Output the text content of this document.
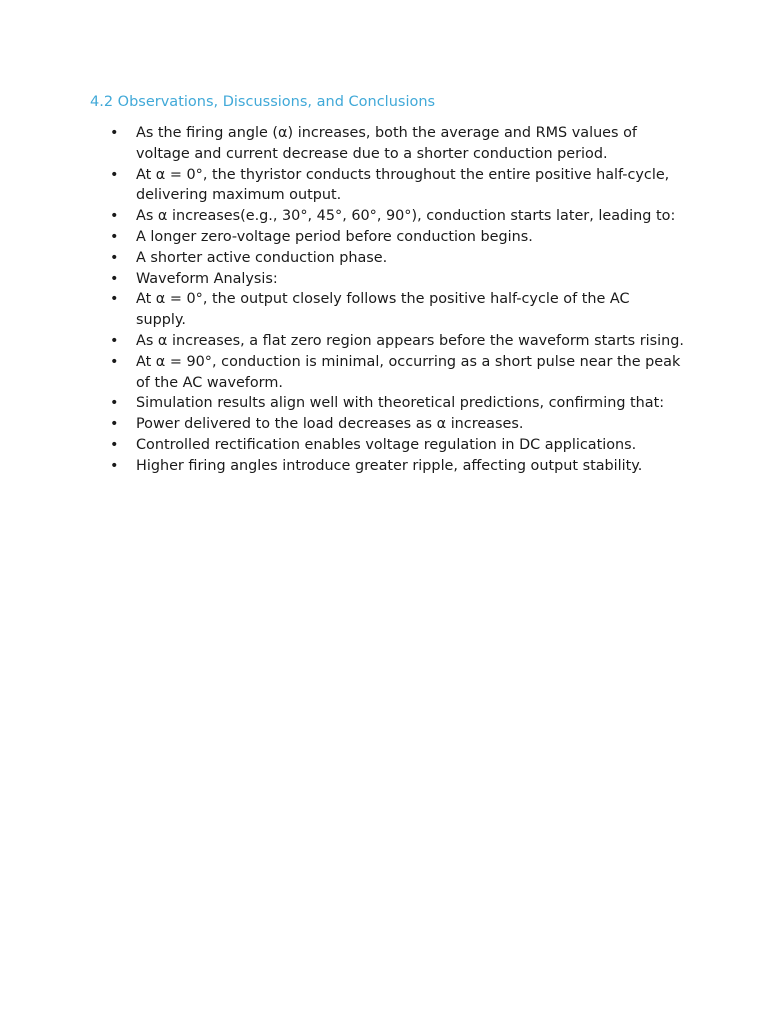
4.2 Observations, Discussions, and Conclusions
•	As the firing angle (α) increases, both the average and RMS values of voltage and current decrease due to a shorter conduction period.
•	At α = 0°, the thyristor conducts throughout the entire positive half-cycle, delivering maximum output.
•	As α increases(e.g., 30°, 45°, 60°, 90°), conduction starts later, leading to:
•	A longer zero-voltage period before conduction begins.
•	A shorter active conduction phase.
•	Waveform Analysis:
•	At α = 0°, the output closely follows the positive half-cycle of the AC supply.
•	As α increases, a flat zero region appears before the waveform starts rising.
•	At α = 90°, conduction is minimal, occurring as a short pulse near the peak of the AC waveform.
•	Simulation results align well with theoretical predictions, confirming that:
•	Power delivered to the load decreases as α increases.
•	Controlled rectification enables voltage regulation in DC applications.
•	Higher firing angles introduce greater ripple, affecting output stability.
